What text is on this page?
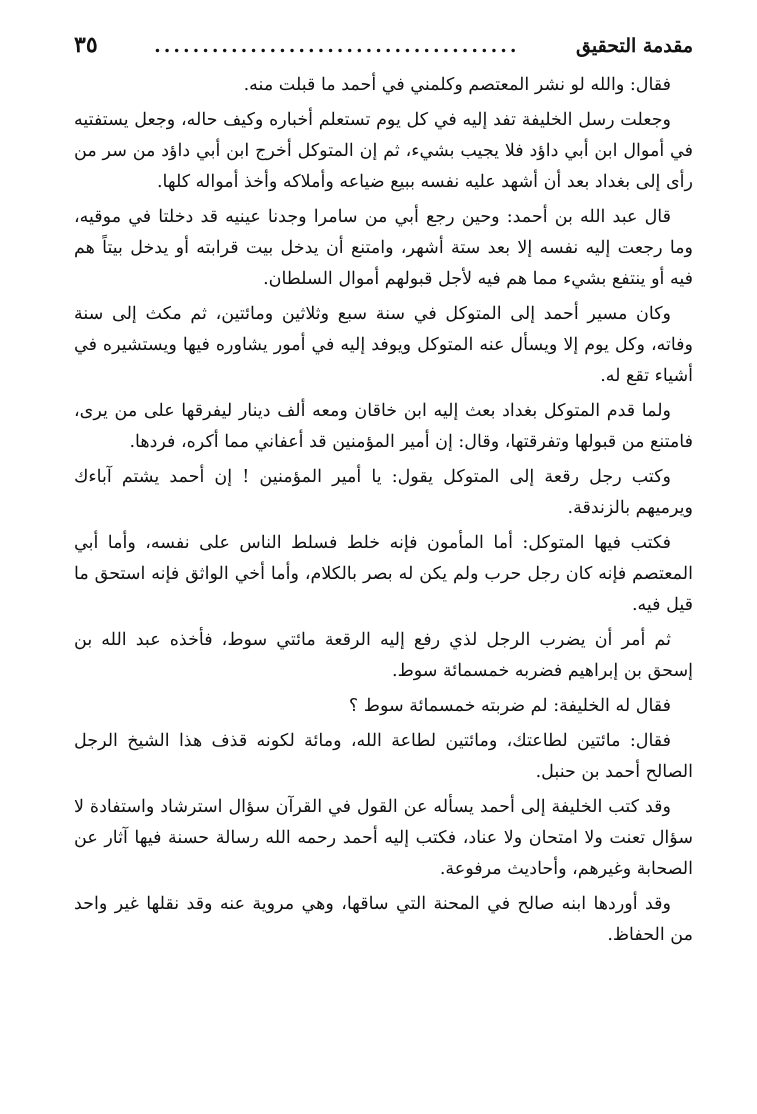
مقدمة التحقيق
......................................
٣٥

فقال: والله لو نشر المعتصم وكلمني في أحمد ما قبلت منه.

وجعلت رسل الخليفة تفد إليه في كل يوم تستعلم أخباره وكيف حاله، وجعل يستفتيه في أموال ابن أبي داؤد فلا يجيب بشيء، ثم إن المتوكل أخرج ابن أبي داؤد من سر من رأى إلى بغداد بعد أن أشهد عليه نفسه ببيع ضياعه وأملاكه وأخذ أمواله كلها.

قال عبد الله بن أحمد: وحين رجع أبي من سامرا وجدنا عينيه قد دخلتا في موقيه، وما رجعت إليه نفسه إلا بعد ستة أشهر، وامتنع أن يدخل بيت قرابته أو يدخل بيتاً هم فيه أو ينتفع بشيء مما هم فيه لأجل قبولهم أموال السلطان.

وكان مسير أحمد إلى المتوكل في سنة سبع وثلاثين ومائتين، ثم مكث إلى سنة وفاته، وكل يوم إلا ويسأل عنه المتوكل ويوفد إليه في أمور يشاوره فيها ويستشيره في أشياء تقع له.

ولما قدم المتوكل بغداد بعث إليه ابن خاقان ومعه ألف دينار ليفرقها على من يرى، فامتنع من قبولها وتفرقتها، وقال: إن أمير المؤمنين قد أعفاني مما أكره، فردها.

وكتب رجل رقعة إلى المتوكل يقول: يا أمير المؤمنين ! إن أحمد يشتم آباءك ويرميهم بالزندقة.

فكتب فيها المتوكل: أما المأمون فإنه خلط فسلط الناس على نفسه، وأما أبي المعتصم فإنه كان رجل حرب ولم يكن له بصر بالكلام، وأما أخي الواثق فإنه استحق ما قيل فيه.

ثم أمر أن يضرب الرجل لذي رفع إليه الرقعة مائتي سوط، فأخذه عبد الله بن إسحق بن إبراهيم فضربه خمسمائة سوط.

فقال له الخليفة: لم ضربته خمسمائة سوط ؟

فقال: مائتين لطاعتك، ومائتين لطاعة الله، ومائة لكونه قذف هذا الشيخ الرجل الصالح أحمد بن حنبل.

وقد كتب الخليفة إلى أحمد يسأله عن القول في القرآن سؤال استرشاد واستفادة لا سؤال تعنت ولا امتحان ولا عناد، فكتب إليه أحمد رحمه الله رسالة حسنة فيها آثار عن الصحابة وغيرهم، وأحاديث مرفوعة.

وقد أوردها ابنه صالح في المحنة التي ساقها، وهي مروية عنه وقد نقلها غير واحد من الحفاظ.
